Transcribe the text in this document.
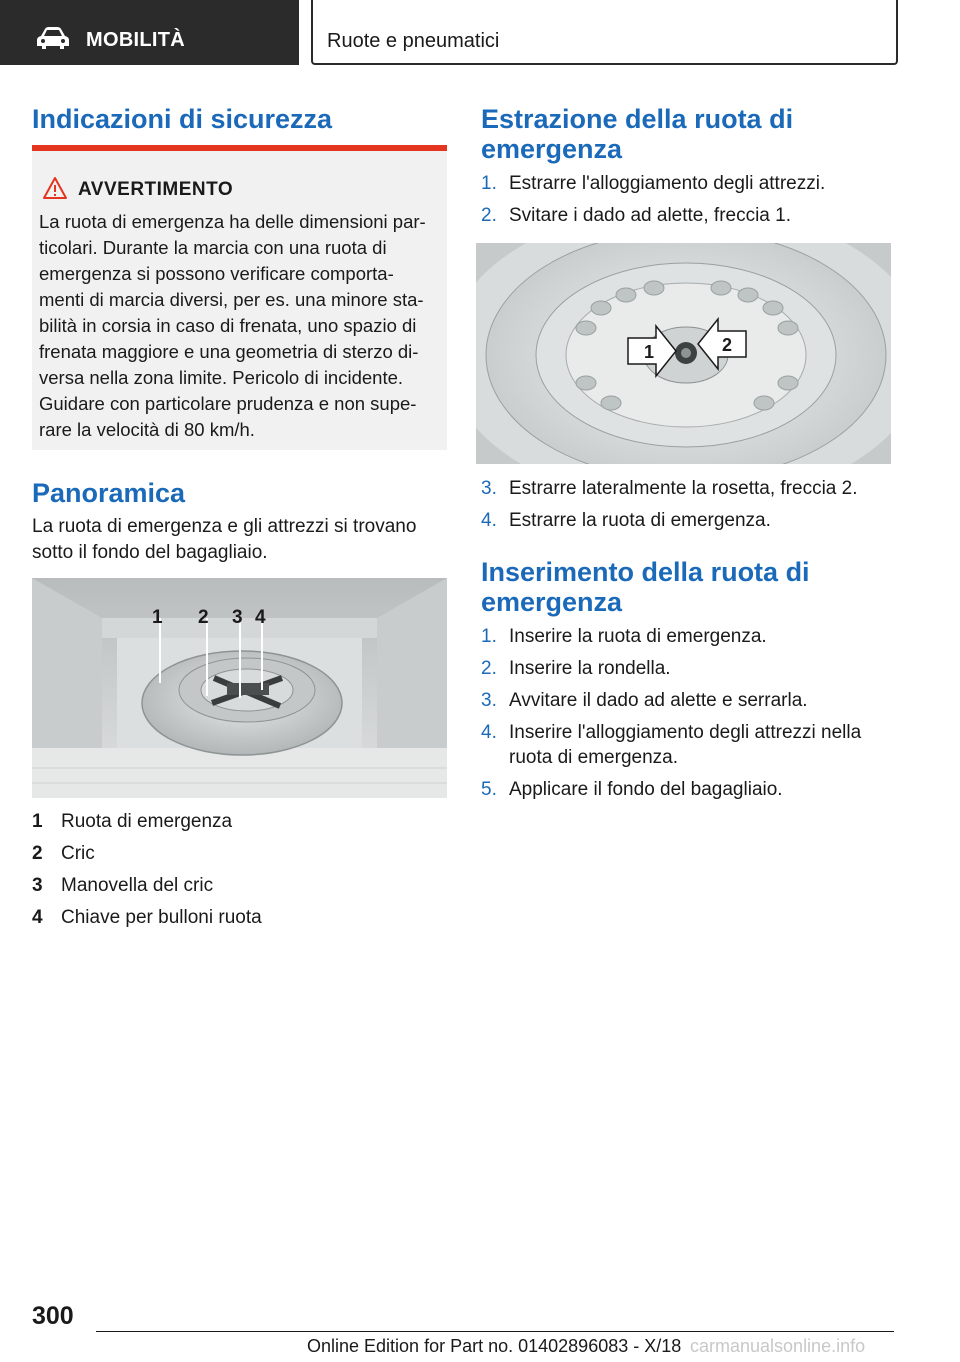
MOBILITÀ	Ruote e pneumatici
Indicazioni di sicurezza
AVVERTIMENTO
La ruota di emergenza ha delle dimensioni par‐
ticolari. Durante la marcia con una ruota di
emergenza si possono verificare comporta‐
menti di marcia diversi, per es. una minore sta‐
bilità in corsia in caso di frenata, uno spazio di
frenata maggiore e una geometria di sterzo di‐
versa nella zona limite. Pericolo di incidente.
Guidare con particolare prudenza e non supe‐
rare la velocità di 80 km/h.
Panoramica
La ruota di emergenza e gli attrezzi si trovano
sotto il fondo del bagagliaio.
1 2 3 4
1 Ruota di emergenza
2 Cric
3 Manovella del cric
4 Chiave per bulloni ruota
Estrazione della ruota di
emergenza
1. Estrarre l'alloggiamento degli attrezzi.
2. Svitare i dado ad alette, freccia 1.
1	2
3. Estrarre lateralmente la rosetta, freccia 2.
4. Estrarre la ruota di emergenza.
Inserimento della ruota di
emergenza
1. Inserire la ruota di emergenza.
2. Inserire la rondella.
3. Avvitare il dado ad alette e serrarla.
4. Inserire l'alloggiamento degli attrezzi nella ruota di emergenza.
5. Applicare il fondo del bagagliaio.
300
Online Edition for Part no. 01402896083 - X/18 carmanualsonline.info
